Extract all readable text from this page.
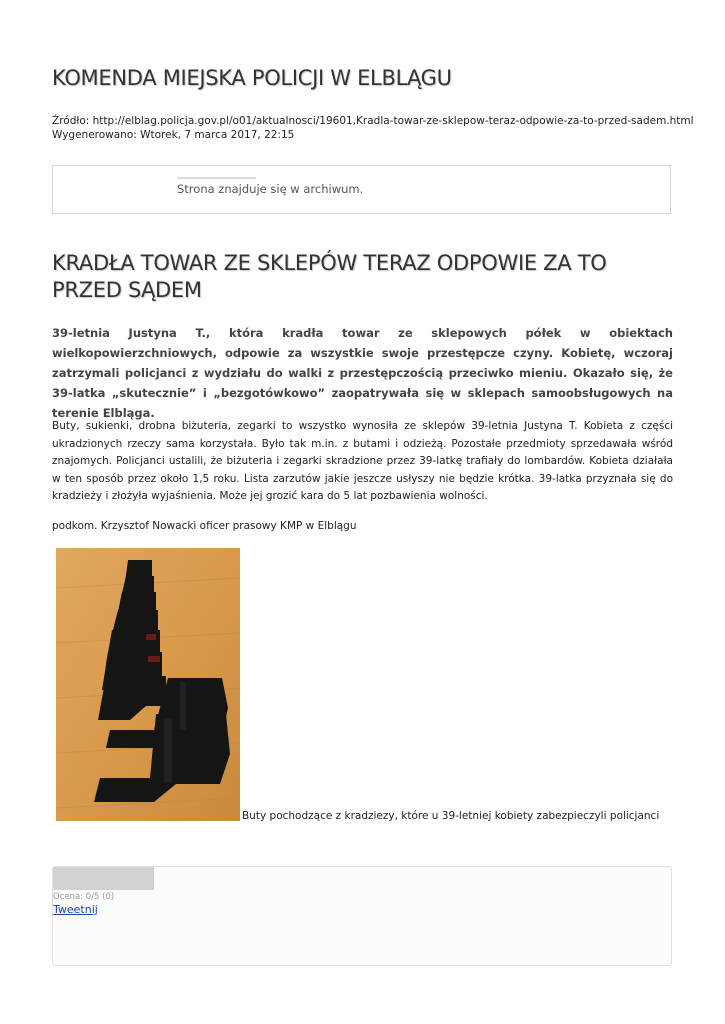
KOMENDA MIEJSKA POLICJI W ELBLĄGU
Źródło: http://elblag.policja.gov.pl/o01/aktualnosci/19601,Kradla-towar-ze-sklepow-teraz-odpowie-za-to-przed-sadem.html
Wygenerowano: Wtorek, 7 marca 2017, 22:15
Strona znajduje się w archiwum.
KRADŁA TOWAR ZE SKLEPÓW TERAZ ODPOWIE ZA TO PRZED SĄDEM

39-letnia Justyna T., która kradła towar ze sklepowych półek w obiektach wielkopowierzchniowych, odpowie za wszystkie swoje przestępcze czyny. Kobietę, wczoraj zatrzymali policjanci z wydziału do walki z przestępczością przeciwko mieniu. Okazało się, że 39-latka „skutecznie” i „bezgotówkowo” zaopatrywała się w sklepach samoobsługowych na terenie Elbląga.

Buty, sukienki, drobna biżuteria, zegarki to wszystko wynosiła ze sklepów 39-letnia Justyna T. Kobieta z części ukradzionych rzeczy sama korzystała. Było tak m.in. z butami i odzieżą. Pozostałe przedmioty sprzedawała wśród znajomych. Policjanci ustalili, że biżuteria i zegarki skradzione przez 39-latkę trafiały do lombardów. Kobieta działała w ten sposób przez około 1,5 roku. Lista zarzutów jakie jeszcze usłyszy nie będzie krótka. 39-latka przyznała się do kradzieży i złożyła wyjaśnienia. Może jej grozić kara do 5 lat pozbawienia wolności.

podkom. Krzysztof Nowacki oficer prasowy KMP w Elblągu

Buty pochodzące z kradziezy, które u 39-letniej kobiety zabezpieczyli policjanci
Ocena: 0/5 (0)
Tweetnij
